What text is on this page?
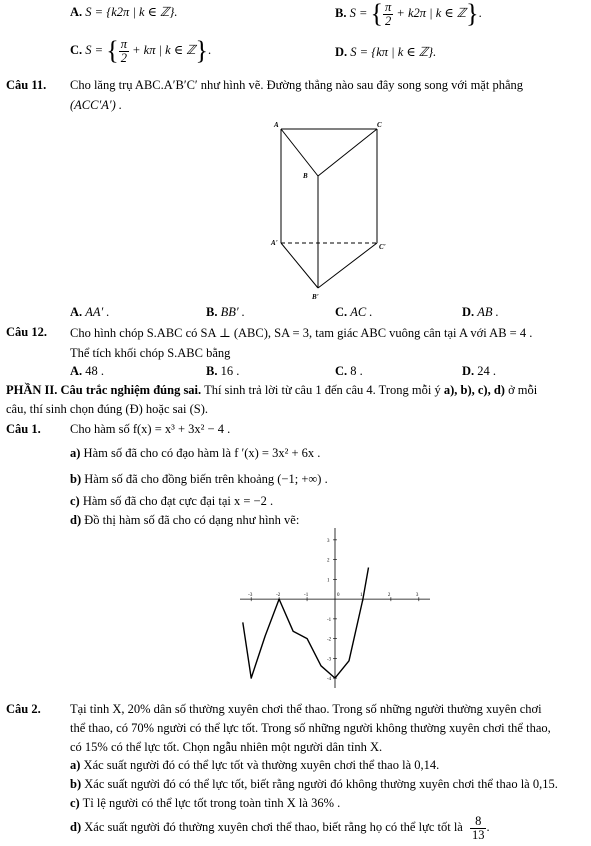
A. S = {k2π | k ∈ ℤ}.	B. S = { $\frac{\pi}{2} + k2\pi$ | k ∈ ℤ}.
C. S = { $\frac{\pi}{2} + k\pi$ | k ∈ ℤ}.	D. S = {kπ | k ∈ ℤ}.
Câu 11. Cho lăng trụ ABC.A′B′C′ như hình vẽ. Đường thẳng nào sau đây song song với mặt phẳng
(ACC′A′) .
A	C
B
A'	C'
B'
A. AA′ .	B. BB′ .	C. AC .	D. AB .
Câu 12. Cho hình chóp S.ABC có SA ⊥ (ABC), SA = 3, tam giác ABC vuông cân tại A với AB = 4 .
Thể tích khối chóp S.ABC bằng
A. 48 .	B. 16 .	C. 8 .	D. 24 .
PHẦN II. Câu trắc nghiệm đúng sai. Thí sinh trả lời từ câu 1 đến câu 4. Trong mỗi ý a), b), c), d) ở mỗi
câu, thí sinh chọn đúng (Đ) hoặc sai (S).
Câu 1. Cho hàm số f(x) = x³ + 3x² − 4 .
a) Hàm số đã cho có đạo hàm là f ′(x) = 3x² + 6x .
b) Hàm số đã cho đồng biến trên khoảng (−1; +∞) .
c) Hàm số đã cho đạt cực đại tại x = −2 .
d) Đồ thị hàm số đã cho có dạng như hình vẽ:
-3	-2	-1	1	2	3
3
2
1
-1
-2
-3
-4
0
Câu 2. Tại tỉnh X, 20% dân số thường xuyên chơi thể thao. Trong số những người thường xuyên chơi
thể thao, có 70% người có thể lực tốt. Trong số những người không thường xuyên chơi thể thao,
có 15% có thể lực tốt. Chọn ngẫu nhiên một người dân tỉnh X.
a) Xác suất người đó có thể lực tốt và thường xuyên chơi thể thao là 0,14.
b) Xác suất người đó có thể lực tốt, biết rằng người đó không thường xuyên chơi thể thao là 0,15.
c) Tỉ lệ người có thể lực tốt trong toàn tỉnh X là 36% .
d) Xác suất người đó thường xuyên chơi thể thao, biết rằng họ có thể lực tốt là $\frac{8}{13}$ .
